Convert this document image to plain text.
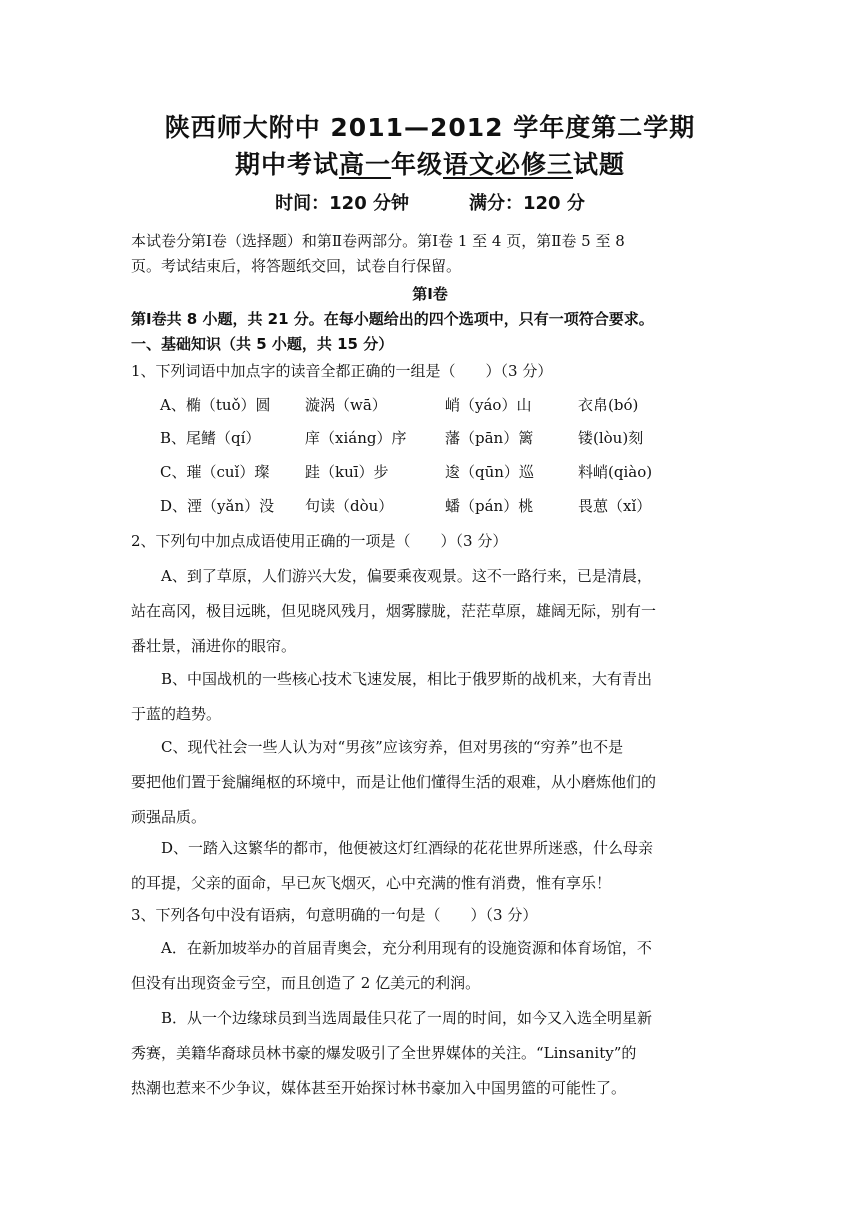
陕西师大附中 2011—2012 学年度第二学期
期中考试高一年级语文必修三试题
时间：120 分钟	满分：120 分
本试卷分第Ⅰ卷（选择题）和第Ⅱ卷两部分。第Ⅰ卷 1 至 4 页，第Ⅱ卷 5 至 8
页。考试结束后，将答题纸交回，试卷自行保留。
第Ⅰ卷
第Ⅰ卷共 8 小题，共 21 分。在每小题给出的四个选项中，只有一项符合要求。
一、基础知识（共 5 小题，共 15 分）
1、下列词语中加点字的读音全都正确的一组是（　　）（3 分）
A、椭（tuǒ）圆 漩涡（wā）	峭（yáo）山	衣帛(bó)
B、尾鳍（qí）	庠（xiáng）序	藩（pān）篱	镂(lòu)刻
C、璀（cuǐ）璨 跬（kuī）步	逡（qūn）巡	料峭(qiào)
D、湮（yǎn）没 句读（dòu）	蟠（pán）桃	畏葸（xǐ）
2、下列句中加点成语使用正确的一项是（　　）（3 分）
　　A、到了草原，人们游兴大发，偏要乘夜观景。这不一路行来，已是清晨，
站在高冈，极目远眺，但见晓风残月，烟雾朦胧，茫茫草原，雄阔无际，别有一
番壮景，涌进你的眼帘。
　　B、中国战机的一些核心技术飞速发展，相比于俄罗斯的战机来，大有青出
于蓝的趋势。
　　C、现代社会一些人认为对“男孩”应该穷养，但对男孩的“穷养”也不是
要把他们置于瓮牖绳枢的环境中，而是让他们懂得生活的艰难，从小磨炼他们的
顽强品质。
　　D、一踏入这繁华的都市，他便被这灯红酒绿的花花世界所迷惑，什么母亲
的耳提，父亲的面命，早已灰飞烟灭，心中充满的惟有消费，惟有享乐！
3、下列各句中没有语病，句意明确的一句是（　　）（3 分）
　　A．在新加坡举办的首届青奥会，充分利用现有的设施资源和体育场馆，不
但没有出现资金亏空，而且创造了 2 亿美元的利润。
　　B．从一个边缘球员到当选周最佳只花了一周的时间，如今又入选全明星新
秀赛，美籍华裔球员林书豪的爆发吸引了全世界媒体的关注。“Linsanity”的
热潮也惹来不少争议，媒体甚至开始探讨林书豪加入中国男篮的可能性了。
